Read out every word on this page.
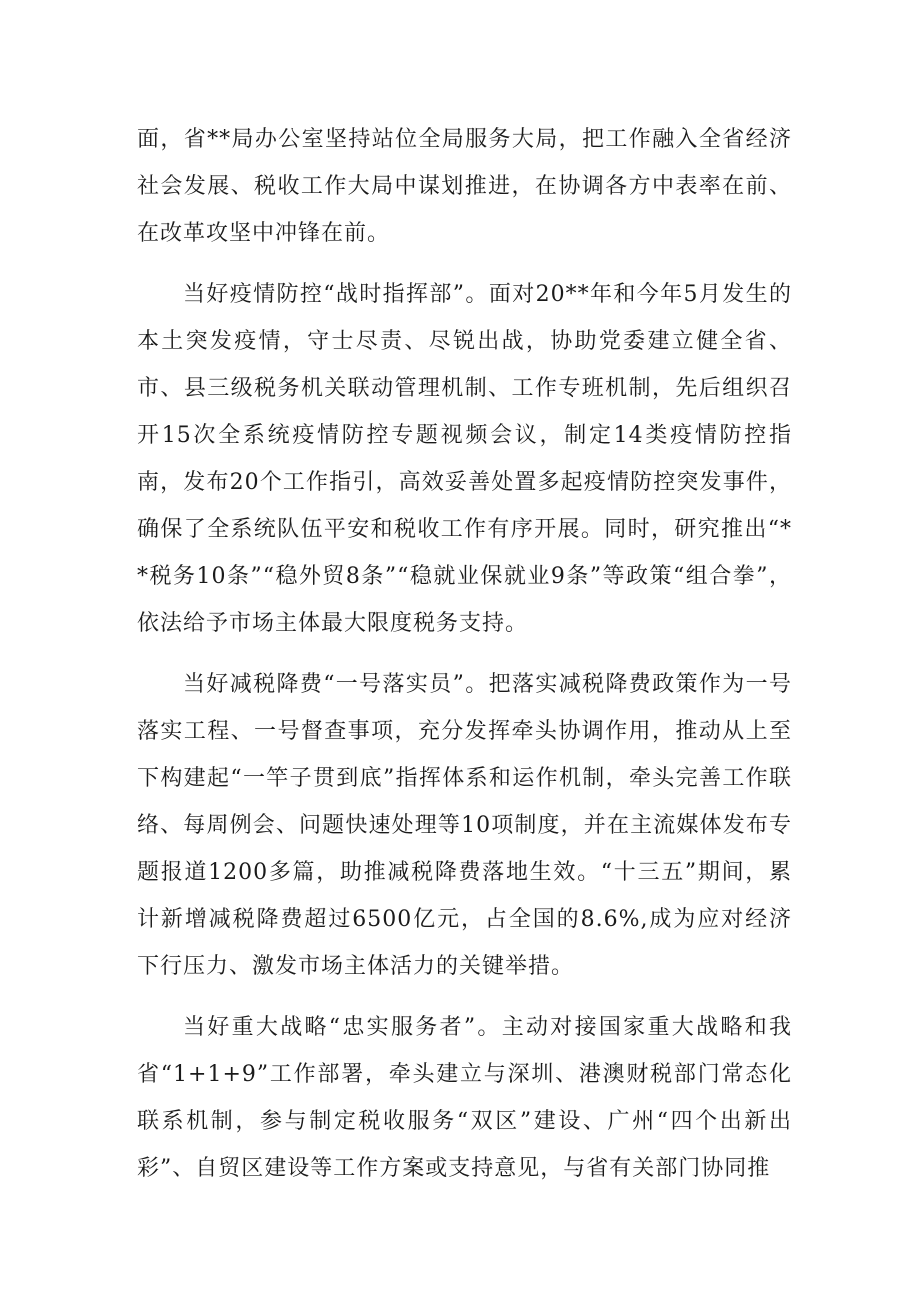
面，省**局办公室坚持站位全局服务大局，把工作融入全省经济社会发展、税收工作大局中谋划推进，在协调各方中表率在前、在改革攻坚中冲锋在前。

当好疫情防控“战时指挥部”。面对20**年和今年5月发生的本土突发疫情，守士尽责、尽锐出战，协助党委建立健全省、市、县三级税务机关联动管理机制、工作专班机制，先后组织召开15次全系统疫情防控专题视频会议，制定14类疫情防控指南，发布20个工作指引，高效妥善处置多起疫情防控突发事件，确保了全系统队伍平安和税收工作有序开展。同时，研究推出“**税务10条”“稳外贸8条”“稳就业保就业9条”等政策“组合拳”，依法给予市场主体最大限度税务支持。

当好减税降费“一号落实员”。把落实减税降费政策作为一号落实工程、一号督查事项，充分发挥牵头协调作用，推动从上至下构建起“一竿子贯到底”指挥体系和运作机制，牵头完善工作联络、每周例会、问题快速处理等10项制度，并在主流媒体发布专题报道1200多篇，助推减税降费落地生效。“十三五”期间，累计新增减税降费超过6500亿元，占全国的8.6%,成为应对经济下行压力、激发市场主体活力的关键举措。

当好重大战略“忠实服务者”。主动对接国家重大战略和我省“1+1+9”工作部署，牵头建立与深圳、港澳财税部门常态化联系机制，参与制定税收服务“双区”建设、广州“四个出新出彩”、自贸区建设等工作方案或支持意见，与省有关部门协同推
